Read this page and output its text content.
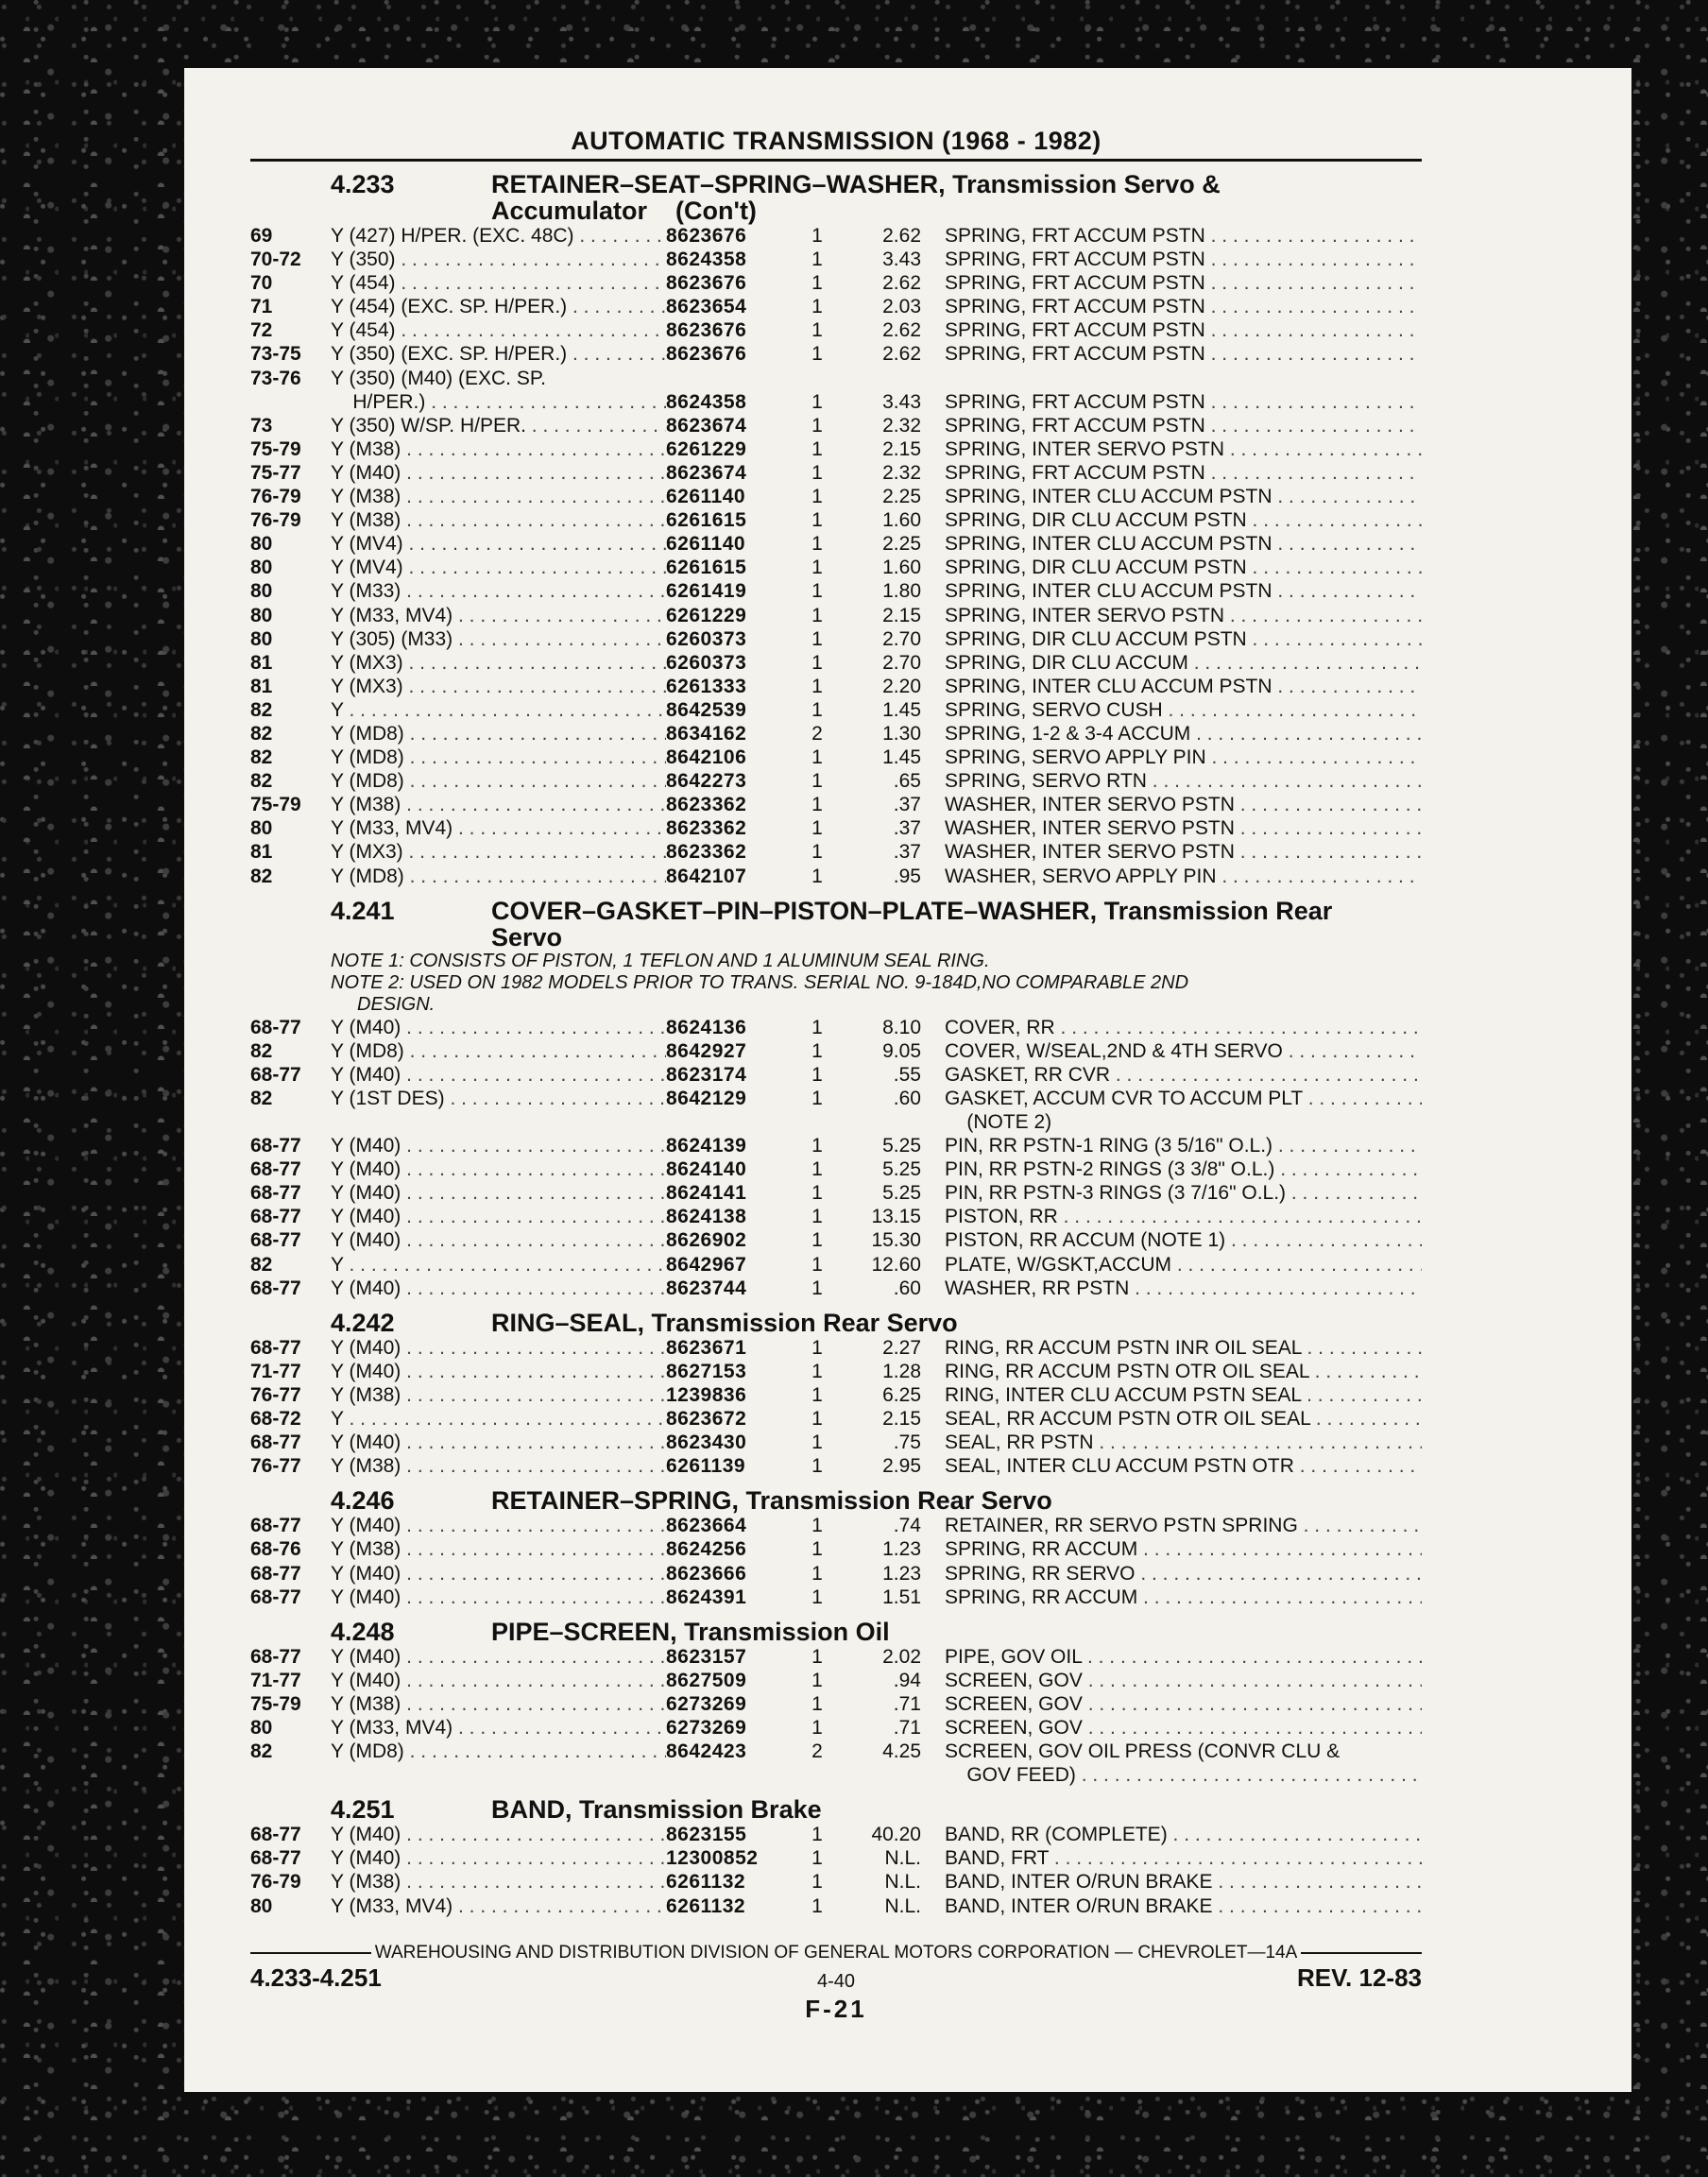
AUTOMATIC TRANSMISSION (1968 - 1982)
4.233	RETAINER–SEAT–SPRING–WASHER, Transmission Servo &
Accumulator (Con't)
69	Y (427) H/PER. (EXC. 48C) . . .	8623676	1	2.62	SPRING, FRT ACCUM PSTN . . .
70-72	Y (350) . . .	8624358	1	3.43	SPRING, FRT ACCUM PSTN . . .
70	Y (454) . . .	8623676	1	2.62	SPRING, FRT ACCUM PSTN . . .
71	Y (454) (EXC. SP. H/PER.) . . .	8623654	1	2.03	SPRING, FRT ACCUM PSTN . . .
72	Y (454) . . .	8623676	1	2.62	SPRING, FRT ACCUM PSTN . . .
73-75	Y (350) (EXC. SP. H/PER.) . . .	8623676	1	2.62	SPRING, FRT ACCUM PSTN . . .
73-76	Y (350) (M40) (EXC. SP.
H/PER.) . . .	8624358	1	3.43	SPRING, FRT ACCUM PSTN . . .
73	Y (350) W/SP. H/PER. . . .	8623674	1	2.32	SPRING, FRT ACCUM PSTN . . .
75-79	Y (M38) . . .	6261229	1	2.15	SPRING, INTER SERVO PSTN . . .
75-77	Y (M40) . . .	8623674	1	2.32	SPRING, FRT ACCUM PSTN . . .
76-79	Y (M38) . . .	6261140	1	2.25	SPRING, INTER CLU ACCUM PSTN . . .
76-79	Y (M38) . . .	6261615	1	1.60	SPRING, DIR CLU ACCUM PSTN . . .
80	Y (MV4) . . .	6261140	1	2.25	SPRING, INTER CLU ACCUM PSTN . . .
80	Y (MV4) . . .	6261615	1	1.60	SPRING, DIR CLU ACCUM PSTN . . .
80	Y (M33) . . .	6261419	1	1.80	SPRING, INTER CLU ACCUM PSTN . . .
80	Y (M33, MV4) . . .	6261229	1	2.15	SPRING, INTER SERVO PSTN . . .
80	Y (305) (M33) . . .	6260373	1	2.70	SPRING, DIR CLU ACCUM PSTN . . .
81	Y (MX3) . . .	6260373	1	2.70	SPRING, DIR CLU ACCUM . . .
81	Y (MX3) . . .	6261333	1	2.20	SPRING, INTER CLU ACCUM PSTN . . .
82	Y . . .	8642539	1	1.45	SPRING, SERVO CUSH . . .
82	Y (MD8) . . .	8634162	2	1.30	SPRING, 1-2 & 3-4 ACCUM . . .
82	Y (MD8) . . .	8642106	1	1.45	SPRING, SERVO APPLY PIN . . .
82	Y (MD8) . . .	8642273	1	.65	SPRING, SERVO RTN . . .
75-79	Y (M38) . . .	8623362	1	.37	WASHER, INTER SERVO PSTN . . .
80	Y (M33, MV4) . . .	8623362	1	.37	WASHER, INTER SERVO PSTN . . .
81	Y (MX3) . . .	8623362	1	.37	WASHER, INTER SERVO PSTN . . .
82	Y (MD8) . . .	8642107	1	.95	WASHER, SERVO APPLY PIN . . .
4.241	COVER–GASKET–PIN–PISTON–PLATE–WASHER, Transmission Rear
Servo
NOTE 1: CONSISTS OF PISTON, 1 TEFLON AND 1 ALUMINUM SEAL RING.
NOTE 2: USED ON 1982 MODELS PRIOR TO TRANS. SERIAL NO. 9-184D,NO COMPARABLE 2ND
DESIGN.
68-77	Y (M40) . . .	8624136	1	8.10	COVER, RR . . .
82	Y (MD8) . . .	8642927	1	9.05	COVER, W/SEAL,2ND & 4TH SERVO . . .
68-77	Y (M40) . . .	8623174	1	.55	GASKET, RR CVR . . .
82	Y (1ST DES) . . .	8642129	1	.60	GASKET, ACCUM CVR TO ACCUM PLT . . .
(NOTE 2)
68-77	Y (M40) . . .	8624139	1	5.25	PIN, RR PSTN-1 RING (3 5/16" O.L.) . . .
68-77	Y (M40) . . .	8624140	1	5.25	PIN, RR PSTN-2 RINGS (3 3/8" O.L.) . . .
68-77	Y (M40) . . .	8624141	1	5.25	PIN, RR PSTN-3 RINGS (3 7/16" O.L.) . . .
68-77	Y (M40) . . .	8624138	1	13.15	PISTON, RR . . .
68-77	Y (M40) . . .	8626902	1	15.30	PISTON, RR ACCUM (NOTE 1) . . .
82	Y . . .	8642967	1	12.60	PLATE, W/GSKT,ACCUM . . .
68-77	Y (M40) . . .	8623744	1	.60	WASHER, RR PSTN . . .
4.242	RING–SEAL, Transmission Rear Servo
68-77	Y (M40) . . .	8623671	1	2.27	RING, RR ACCUM PSTN INR OIL SEAL . . .
71-77	Y (M40) . . .	8627153	1	1.28	RING, RR ACCUM PSTN OTR OIL SEAL . . .
76-77	Y (M38) . . .	1239836	1	6.25	RING, INTER CLU ACCUM PSTN SEAL . . .
68-72	Y . . .	8623672	1	2.15	SEAL, RR ACCUM PSTN OTR OIL SEAL . . .
68-77	Y (M40) . . .	8623430	1	.75	SEAL, RR PSTN . . .
76-77	Y (M38) . . .	6261139	1	2.95	SEAL, INTER CLU ACCUM PSTN OTR . . .
4.246	RETAINER–SPRING, Transmission Rear Servo
68-77	Y (M40) . . .	8623664	1	.74	RETAINER, RR SERVO PSTN SPRING . . .
68-76	Y (M38) . . .	8624256	1	1.23	SPRING, RR ACCUM . . .
68-77	Y (M40) . . .	8623666	1	1.23	SPRING, RR SERVO . . .
68-77	Y (M40) . . .	8624391	1	1.51	SPRING, RR ACCUM . . .
4.248	PIPE–SCREEN, Transmission Oil
68-77	Y (M40) . . .	8623157	1	2.02	PIPE, GOV OIL . . .
71-77	Y (M40) . . .	8627509	1	.94	SCREEN, GOV . . .
75-79	Y (M38) . . .	6273269	1	.71	SCREEN, GOV . . .
80	Y (M33, MV4) . . .	6273269	1	.71	SCREEN, GOV . . .
82	Y (MD8) . . .	8642423	2	4.25	SCREEN, GOV OIL PRESS (CONVR CLU &
GOV FEED) . . .
4.251	BAND, Transmission Brake
68-77	Y (M40) . . .	8623155	1	40.20	BAND, RR (COMPLETE) . . .
68-77	Y (M40) . . .	12300852	1	N.L.	BAND, FRT . . .
76-79	Y (M38) . . .	6261132	1	N.L.	BAND, INTER O/RUN BRAKE . . .
80	Y (M33, MV4) . . .	6261132	1	N.L.	BAND, INTER O/RUN BRAKE . . .
WAREHOUSING AND DISTRIBUTION DIVISION OF GENERAL MOTORS CORPORATION — CHEVROLET—14A
4.233-4.251	4-40	REV. 12-83
F-21
